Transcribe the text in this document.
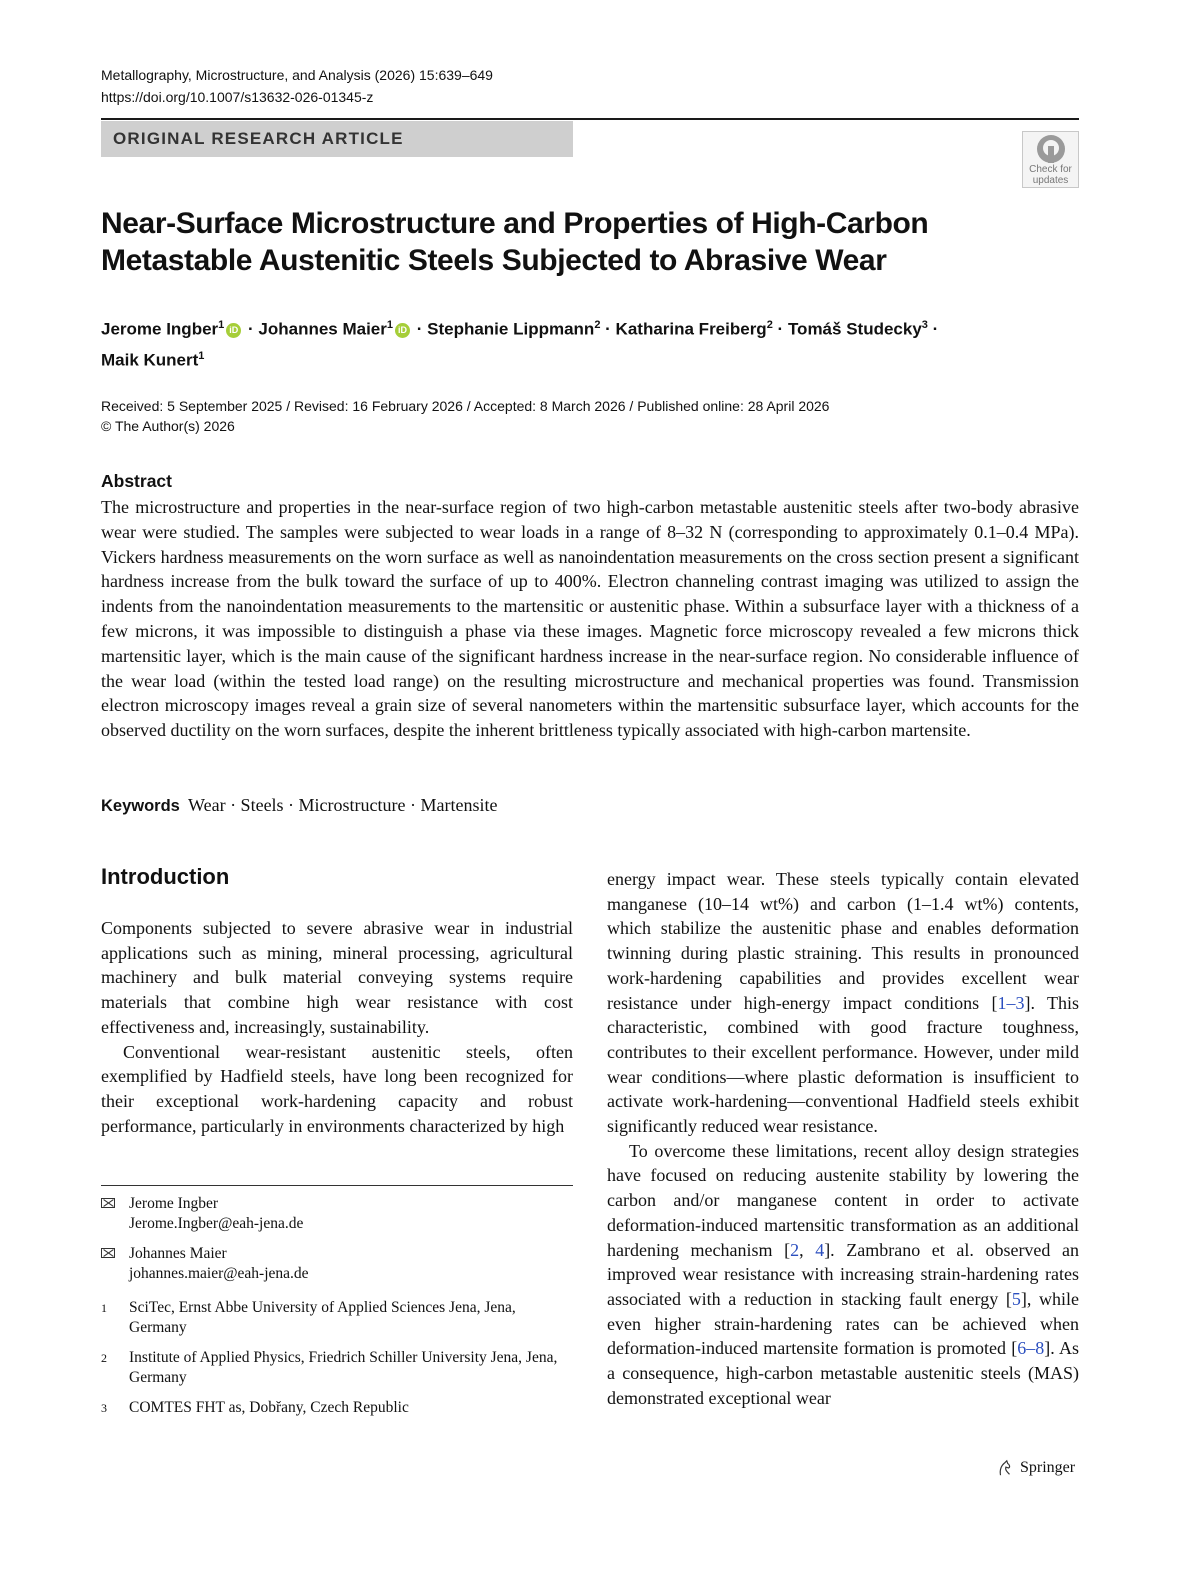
Metallography, Microstructure, and Analysis (2026) 15:639–649
https://doi.org/10.1007/s13632-026-01345-z
ORIGINAL RESEARCH ARTICLE
Check for
updates
Near-Surface Microstructure and Properties of High-Carbon
Metastable Austenitic Steels Subjected to Abrasive Wear
Jerome Ingber$^1$ iD · Johannes Maier$^1$ iD · Stephanie Lippmann$^2$ · Katharina Freiberg$^2$ · Tomáš Studecky$^3$ ·
Maik Kunert$^1$
Received: 5 September 2025 / Revised: 16 February 2026 / Accepted: 8 March 2026 / Published online: 28 April 2026
© The Author(s) 2026
Abstract
The microstructure and properties in the near-surface region of two high-carbon metastable austenitic steels after two-body abrasive wear were studied. The samples were subjected to wear loads in a range of 8–32 N (corresponding to approximately 0.1–0.4 MPa). Vickers hardness measurements on the worn surface as well as nanoindentation measurements on the cross section present a significant hardness increase from the bulk toward the surface of up to 400%. Electron channeling contrast imaging was utilized to assign the indents from the nanoindentation measurements to the martensitic or austenitic phase. Within a subsurface layer with a thickness of a few microns, it was impossible to distinguish a phase via these images. Magnetic force microscopy revealed a few microns thick martensitic layer, which is the main cause of the significant hardness increase in the near-surface region. No considerable influence of the wear load (within the tested load range) on the resulting microstructure and mechanical properties was found. Transmission electron microscopy images reveal a grain size of several nanometers within the martensitic subsurface layer, which accounts for the observed ductility on the worn surfaces, despite the inherent brittleness typically associated with high-carbon martensite.
Keywords Wear · Steels · Microstructure · Martensite
Introduction

Components subjected to severe abrasive wear in industrial applications such as mining, mineral processing, agricultural machinery and bulk material conveying systems require materials that combine high wear resistance with cost effectiveness and, increasingly, sustainability.

Conventional wear-resistant austenitic steels, often exemplified by Hadfield steels, have long been recognized for their exceptional work-hardening capacity and robust performance, particularly in environments characterized by high

energy impact wear. These steels typically contain elevated manganese (10–14 wt%) and carbon (1–1.4 wt%) contents, which stabilize the austenitic phase and enables deformation twinning during plastic straining. This results in pronounced work-hardening capabilities and provides excellent wear resistance under high-energy impact conditions [1–3]. This characteristic, combined with good fracture toughness, contributes to their excellent performance. However, under mild wear conditions—where plastic deformation is insufficient to activate work-hardening—conventional Hadfield steels exhibit significantly reduced wear resistance.

To overcome these limitations, recent alloy design strategies have focused on reducing austenite stability by lowering the carbon and/or manganese content in order to activate deformation-induced martensitic transformation as an additional hardening mechanism [2, 4]. Zambrano et al. observed an improved wear resistance with increasing strain-hardening rates associated with a reduction in stacking fault energy [5], while even higher strain-hardening rates can be achieved when deformation-induced martensite formation is promoted [6–8]. As a consequence, high-carbon metastable austenitic steels (MAS) demonstrated exceptional wear

Jerome Ingber
Jerome.Ingber@eah-jena.de
Johannes Maier
johannes.maier@eah-jena.de
1 SciTec, Ernst Abbe University of Applied Sciences Jena, Jena, Germany
2 Institute of Applied Physics, Friedrich Schiller University Jena, Jena, Germany
3 COMTES FHT as, Dobřany, Czech Republic
Springer
